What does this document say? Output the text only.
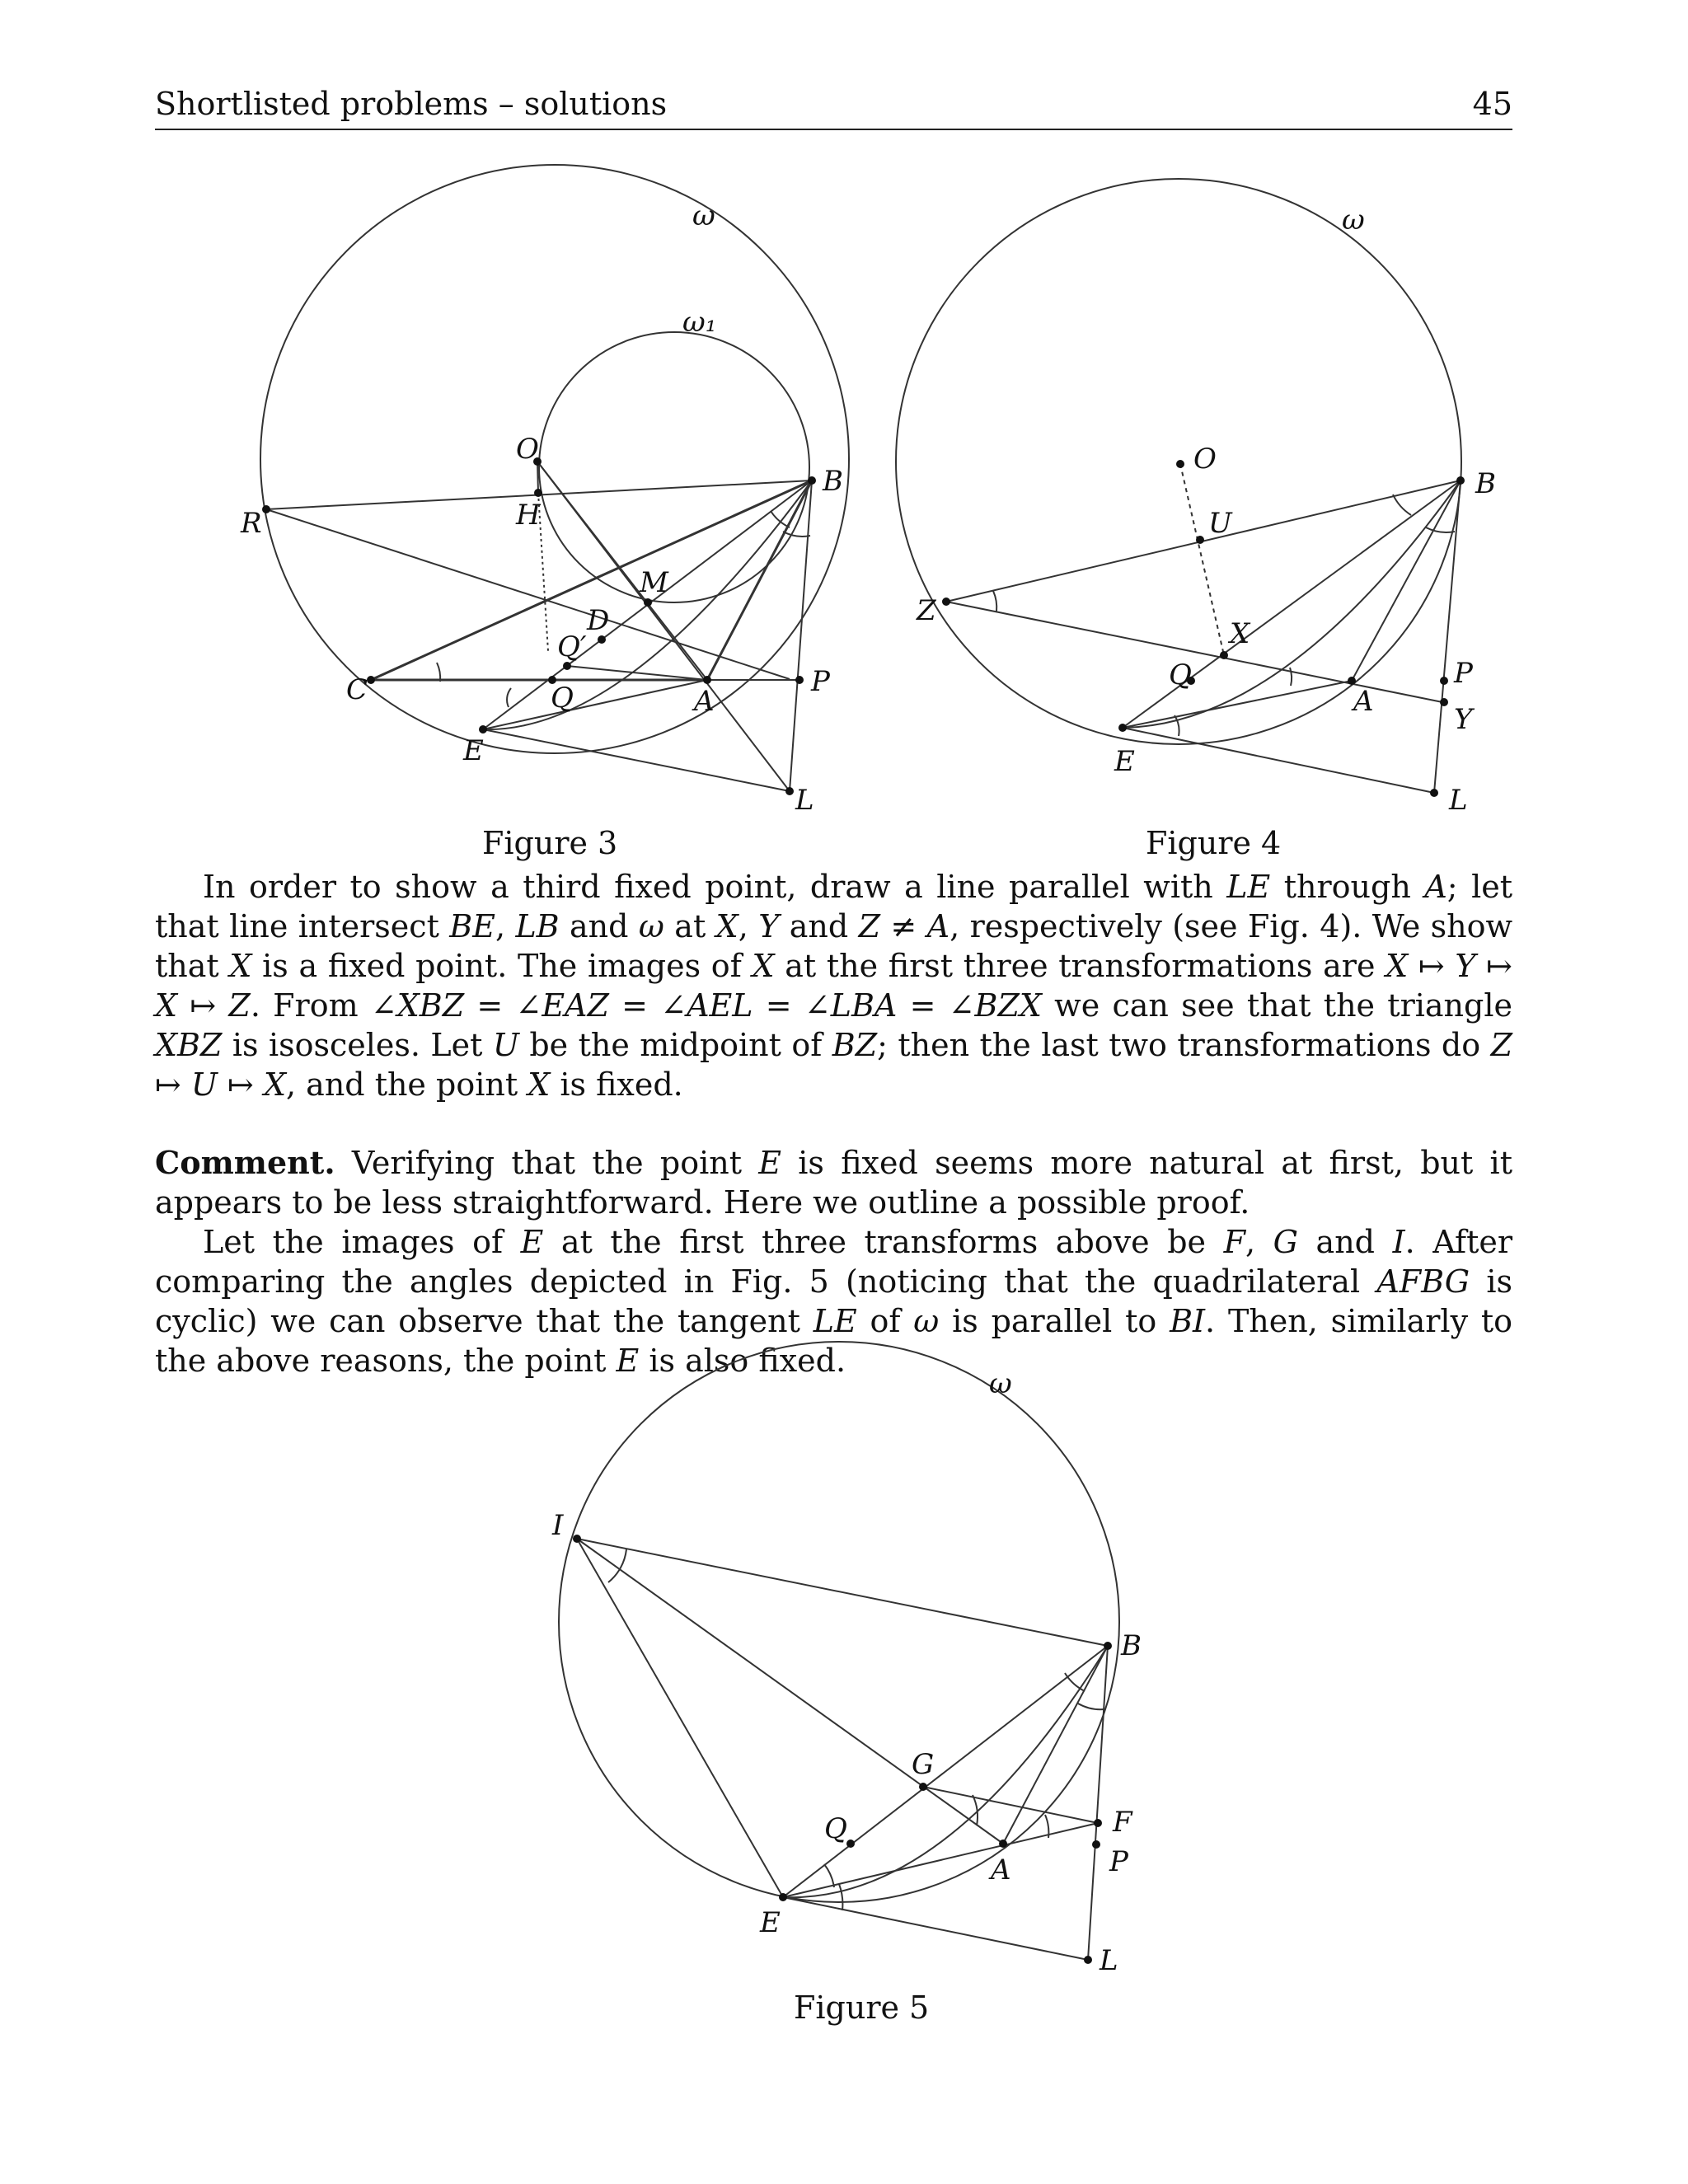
Shortlisted problems – solutions	45
ω
ω₁
O
B
R	H
M
D
Q′
C	Q	A
P
E
L
Figure 3
ω
O
B
U
Z
X
Q
A
P
Y
E
L
Figure 4

In order to show a third fixed point, draw a line parallel with LE through A; let that line intersect BE, LB and ω at X, Y and Z ≠ A, respectively (see Fig. 4). We show that X is a fixed point. The images of X at the first three transformations are X ↦ Y ↦ X ↦ Z. From ∠XBZ = ∠EAZ = ∠AEL = ∠LBA = ∠BZX we can see that the triangle XBZ is isosceles. Let U be the midpoint of BZ; then the last two transformations do Z ↦ U ↦ X, and the point X is fixed.

Comment. Verifying that the point E is fixed seems more natural at first, but it appears to be less straightforward. Here we outline a possible proof.

Let the images of E at the first three transforms above be F, G and I. After comparing the angles depicted in Fig. 5 (noticing that the quadrilateral AFBG is cyclic) we can observe that the tangent LE of ω is parallel to BI. Then, similarly to the above reasons, the point E is also fixed.

ω
I
B
G
F
Q
A	P
E
L
Figure 5
